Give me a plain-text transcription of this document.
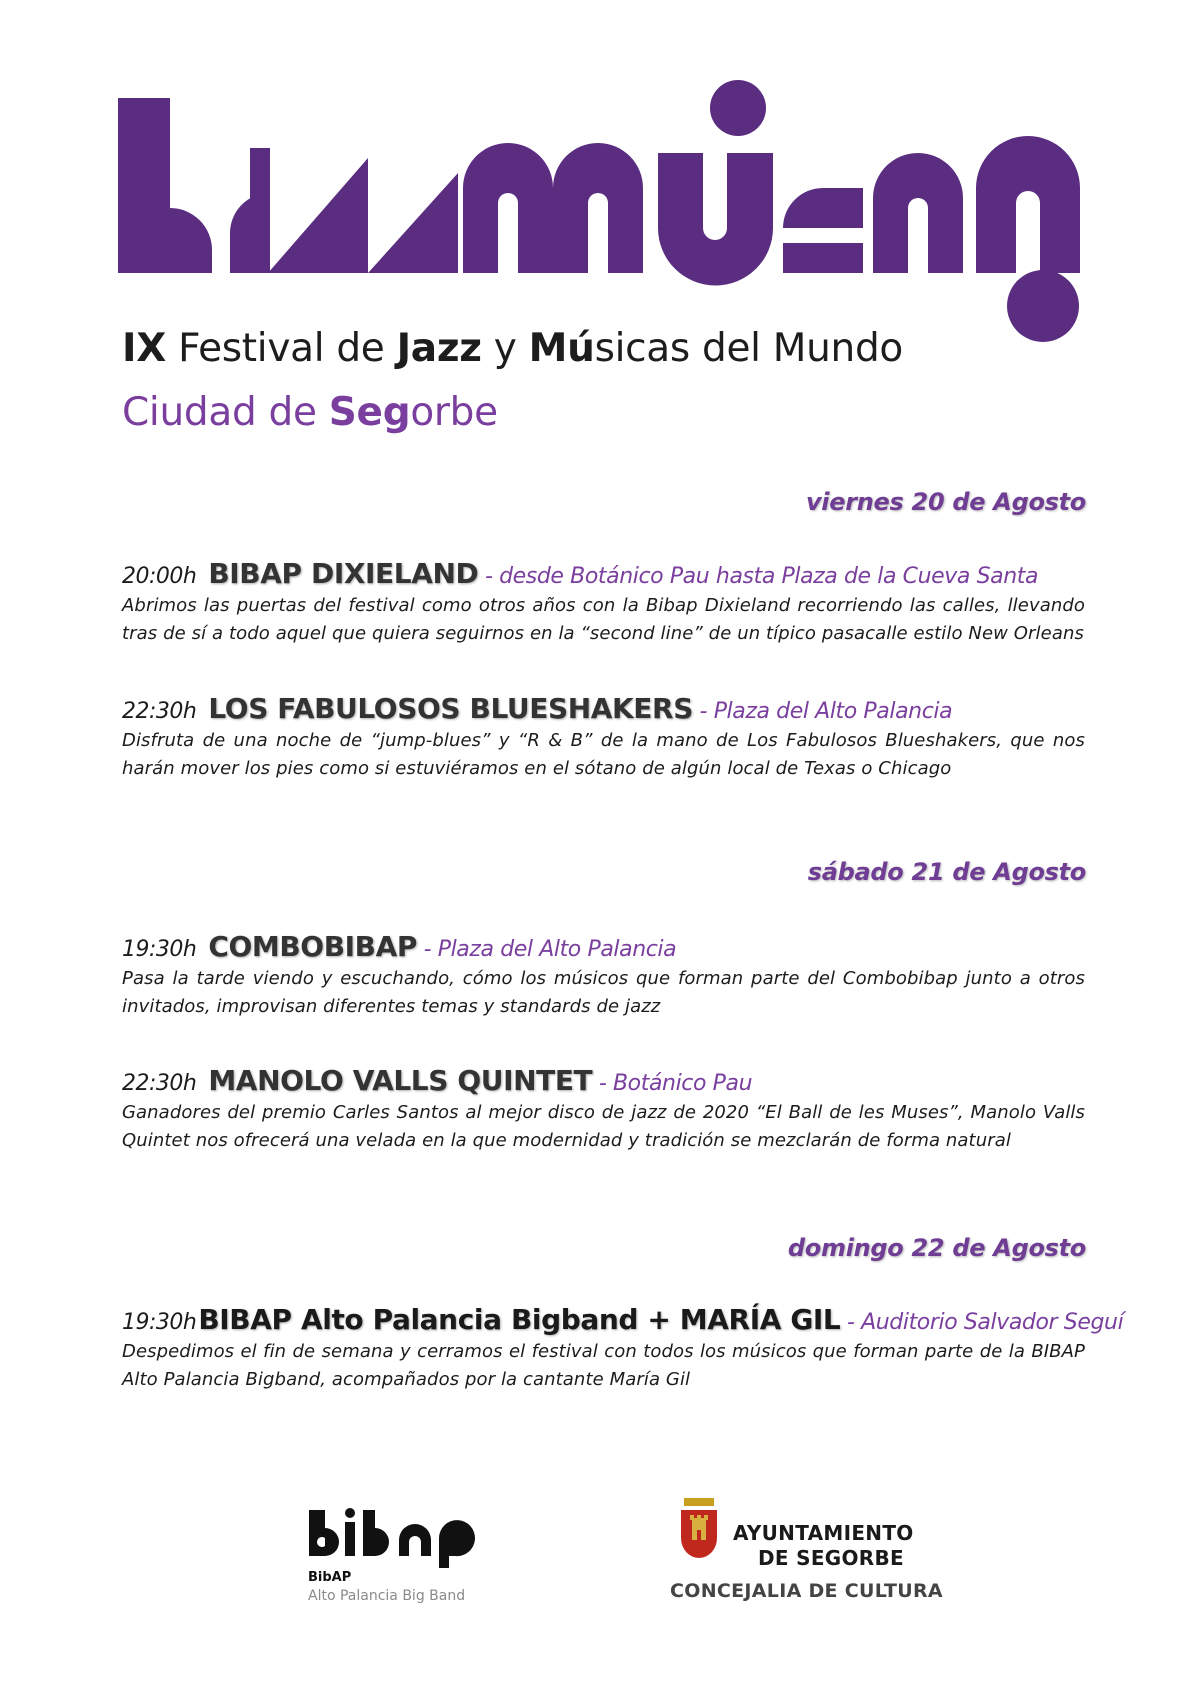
IX Festival de Jazz y Músicas del Mundo
Ciudad de Segorbe
viernes 20 de Agosto
20:00h BIBAP DIXIELAND - desde Botánico Pau hasta Plaza de la Cueva Santa
Abrimos las puertas del festival como otros años con la Bibap Dixieland recorriendo las calles, llevando tras de sí a todo aquel que quiera seguirnos en la “second line” de un típico pasacalle estilo New Orleans
22:30h LOS FABULOSOS BLUESHAKERS - Plaza del Alto Palancia
Disfruta de una noche de “jump-blues” y “R & B” de la mano de Los Fabulosos Blueshakers, que nos harán mover los pies como si estuviéramos en el sótano de algún local de Texas o Chicago
sábado 21 de Agosto
19:30h COMBOBIBAP - Plaza del Alto Palancia
Pasa la tarde viendo y escuchando, cómo los músicos que forman parte del Combobibap junto a otros invitados, improvisan diferentes temas y standards de jazz
22:30h MANOLO VALLS QUINTET - Botánico Pau
Ganadores del premio Carles Santos al mejor disco de jazz de 2020 “El Ball de les Muses”, Manolo Valls Quintet nos ofrecerá una velada en la que modernidad y tradición se mezclarán de forma natural
domingo 22 de Agosto
19:30hBIBAP Alto Palancia Bigband + MARÍA GIL - Auditorio Salvador Seguí
Despedimos el fin de semana y cerramos el festival con todos los músicos que forman parte de la BIBAP Alto Palancia Bigband, acompañados por la cantante María Gil
BibAP
Alto Palancia Big Band
AYUNTAMIENTO
DE SEGORBE
CONCEJALIA DE CULTURA
